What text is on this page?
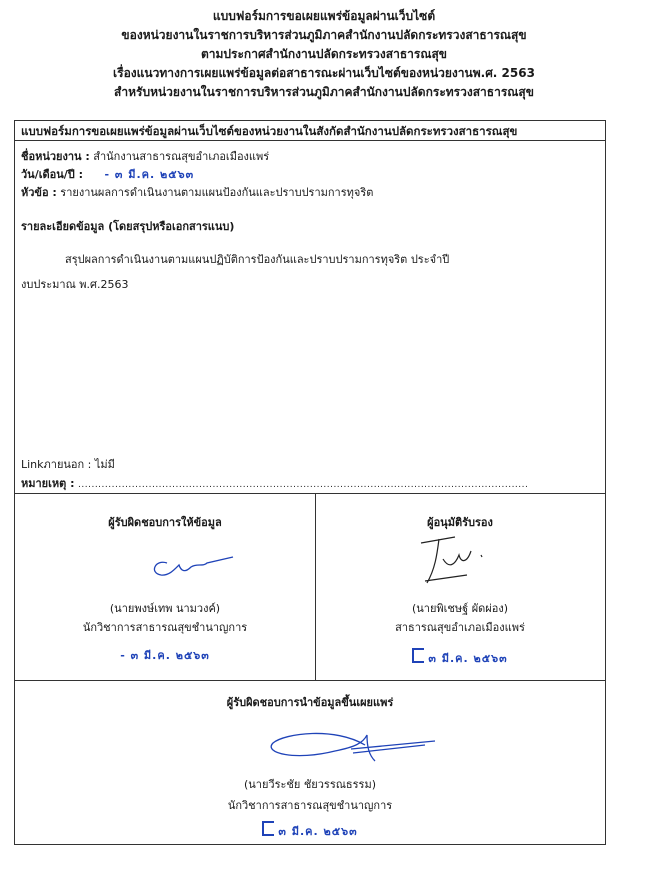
แบบฟอร์มการขอเผยแพร่ข้อมูลผ่านเว็บไซต์
ของหน่วยงานในราชการบริหารส่วนภูมิภาคสำนักงานปลัดกระทรวงสาธารณสุข
ตามประกาศสำนักงานปลัดกระทรวงสาธารณสุข
เรื่องแนวทางการเผยแพร่ข้อมูลต่อสาธารณะผ่านเว็บไซต์ของหน่วยงานพ.ศ. 2563
สำหรับหน่วยงานในราชการบริหารส่วนภูมิภาคสำนักงานปลัดกระทรวงสาธารณสุข
แบบฟอร์มการขอเผยแพร่ข้อมูลผ่านเว็บไซต์ของหน่วยงานในสังกัดสำนักงานปลัดกระทรวงสาธารณสุข
ชื่อหน่วยงาน : สำนักงานสาธารณสุขอำเภอเมืองแพร่
วัน/เดือน/ปี : - ๓ มี.ค. ๒๕๖๓
หัวข้อ : รายงานผลการดำเนินงานตามแผนป้องกันและปราบปรามการทุจริต
รายละเอียดข้อมูล (โดยสรุปหรือเอกสารแนบ)
สรุปผลการดำเนินงานตามแผนปฏิบัติการป้องกันและปราบปรามการทุจริต ประจำปี
งบประมาณ พ.ศ.2563
Linkภายนอก : ไม่มี
หมายเหตุ : ......................................................................................................................................
ผู้รับผิดชอบการให้ข้อมูล
(นายพงษ์เทพ นามวงค์)
นักวิชาการสาธารณสุขชำนาญการ
- ๓ มี.ค. ๒๕๖๓
ผู้อนุมัติรับรอง
(นายพิเชษฐ์ ผัดผ่อง)
สาธารณสุขอำเภอเมืองแพร่
๓ มี.ค. ๒๕๖๓
ผู้รับผิดชอบการนำข้อมูลขึ้นเผยแพร่
(นายวีระชัย ชัยวรรณธรรม)
นักวิชาการสาธารณสุขชำนาญการ
๓ มี.ค. ๒๕๖๓
